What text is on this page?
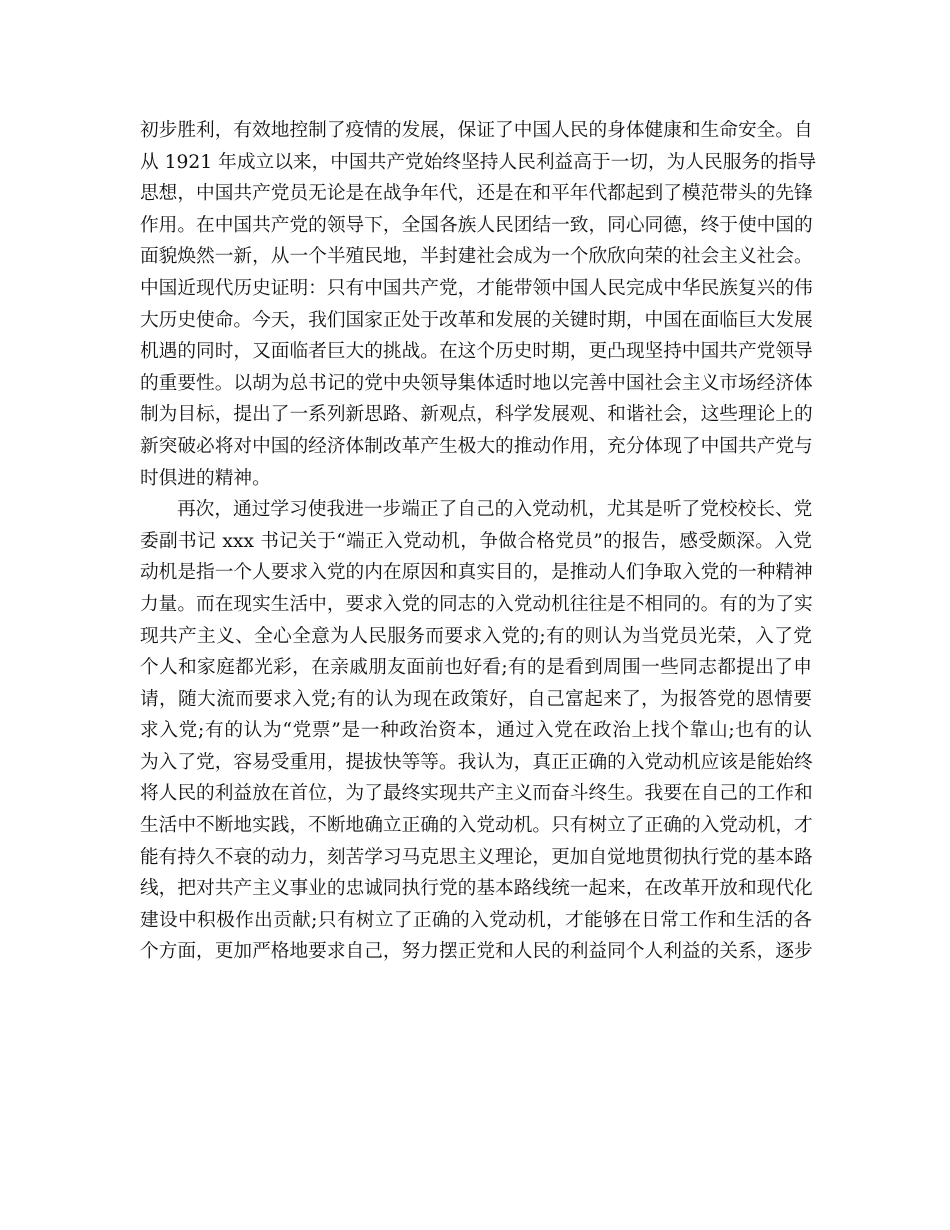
初步胜利，有效地控制了疫情的发展，保证了中国人民的身体健康和生命安全。自
从 1921 年成立以来，中国共产党始终坚持人民利益高于一切，为人民服务的指导
思想，中国共产党员无论是在战争年代，还是在和平年代都起到了模范带头的先锋
作用。在中国共产党的领导下，全国各族人民团结一致，同心同德，终于使中国的
面貌焕然一新，从一个半殖民地，半封建社会成为一个欣欣向荣的社会主义社会。
中国近现代历史证明：只有中国共产党，才能带领中国人民完成中华民族复兴的伟
大历史使命。今天，我们国家正处于改革和发展的关键时期，中国在面临巨大发展
机遇的同时，又面临者巨大的挑战。在这个历史时期，更凸现坚持中国共产党领导
的重要性。以胡为总书记的党中央领导集体适时地以完善中国社会主义市场经济体
制为目标，提出了一系列新思路、新观点，科学发展观、和谐社会，这些理论上的
新突破必将对中国的经济体制改革产生极大的推动作用，充分体现了中国共产党与
时俱进的精神。
再次，通过学习使我进一步端正了自己的入党动机，尤其是听了党校校长、党
委副书记 xxx 书记关于“端正入党动机，争做合格党员”的报告，感受颇深。入党
动机是指一个人要求入党的内在原因和真实目的，是推动人们争取入党的一种精神
力量。而在现实生活中，要求入党的同志的入党动机往往是不相同的。有的为了实
现共产主义、全心全意为人民服务而要求入党的;有的则认为当党员光荣，入了党
个人和家庭都光彩，在亲戚朋友面前也好看;有的是看到周围一些同志都提出了申
请，随大流而要求入党;有的认为现在政策好，自己富起来了，为报答党的恩情要
求入党;有的认为“党票”是一种政治资本，通过入党在政治上找个靠山;也有的认
为入了党，容易受重用，提拔快等等。我认为，真正正确的入党动机应该是能始终
将人民的利益放在首位，为了最终实现共产主义而奋斗终生。我要在自己的工作和
生活中不断地实践，不断地确立正确的入党动机。只有树立了正确的入党动机，才
能有持久不衰的动力，刻苦学习马克思主义理论，更加自觉地贯彻执行党的基本路
线，把对共产主义事业的忠诚同执行党的基本路线统一起来，在改革开放和现代化
建设中积极作出贡献;只有树立了正确的入党动机，才能够在日常工作和生活的各
个方面，更加严格地要求自己，努力摆正党和人民的利益同个人利益的关系，逐步
